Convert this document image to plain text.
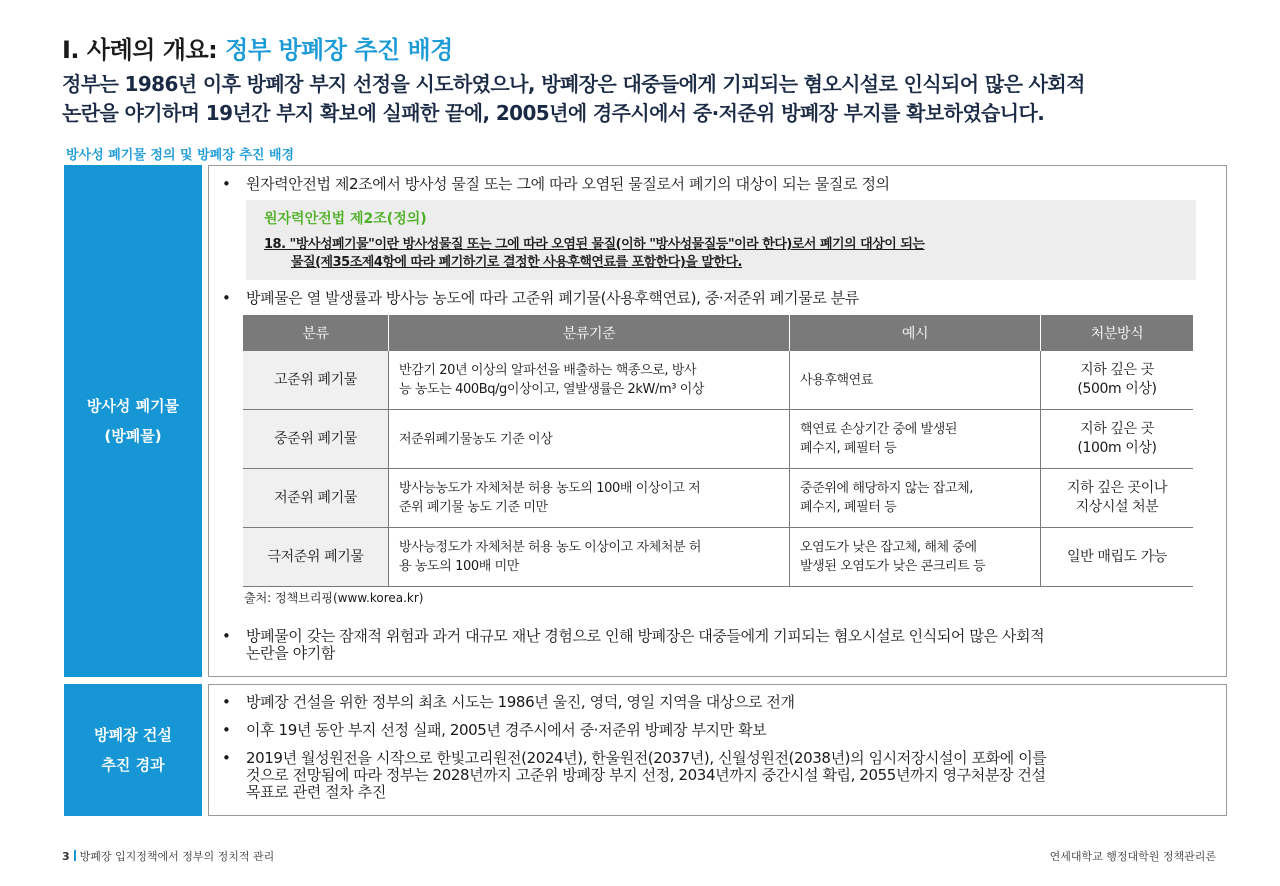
I. 사례의 개요: 정부 방폐장 추진 배경
정부는 1986년 이후 방폐장 부지 선정을 시도하였으나, 방폐장은 대중들에게 기피되는 혐오시설로 인식되어 많은 사회적
논란을 야기하며 19년간 부지 확보에 실패한 끝에, 2005년에 경주시에서 중·저준위 방폐장 부지를 확보하였습니다.
방사성 폐기물 정의 및 방폐장 추진 배경
방사성 폐기물
(방폐물)
• 원자력안전법 제2조에서 방사성 물질 또는 그에 따라 오염된 물질로서 폐기의 대상이 되는 물질로 정의
원자력안전법 제2조(정의)
18. "방사성폐기물"이란 방사성물질 또는 그에 따라 오염된 물질(이하 "방사성물질등"이라 한다)로서 폐기의 대상이 되는
물질(제35조제4항에 따라 폐기하기로 결정한 사용후핵연료를 포함한다)을 말한다.
• 방폐물은 열 발생률과 방사능 농도에 따라 고준위 폐기물(사용후핵연료), 중·저준위 폐기물로 분류
분류	분류기준	예시	처분방식
고준위 폐기물	반감기 20년 이상의 알파선을 배출하는 핵종으로, 방사
능 농도는 400Bq/g이상이고, 열발생률은 2kW/m³ 이상	사용후핵연료	지하 깊은 곳
(500m 이상)

중준위 폐기물	저준위폐기물농도 기준 이상	핵연료 손상기간 중에 발생된
폐수지, 폐필터 등	지하 깊은 곳
(100m 이상)

저준위 폐기물	방사능농도가 자체처분 허용 농도의 100배 이상이고 저
준위 폐기물 농도 기준 미만	중준위에 해당하지 않는 잡고체,
폐수지, 폐필터 등	지하 깊은 곳이나
지상시설 처분

극저준위 폐기물	방사능정도가 자체처분 허용 농도 이상이고 자체처분 허
용 농도의 100배 미만	오염도가 낮은 잡고체, 해체 중에
발생된 오염도가 낮은 콘크리트 등	일반 매립도 가능
출처: 정책브리핑(www.korea.kr)
• 방폐물이 갖는 잠재적 위험과 과거 대규모 재난 경험으로 인해 방폐장은 대중들에게 기피되는 혐오시설로 인식되어 많은 사회적
논란을 야기함
방폐장 건설
추진 경과
• 방폐장 건설을 위한 정부의 최초 시도는 1986년 울진, 영덕, 영일 지역을 대상으로 전개
• 이후 19년 동안 부지 선정 실패, 2005년 경주시에서 중·저준위 방폐장 부지만 확보
• 2019년 월성원전을 시작으로 한빛고리원전(2024년), 한울원전(2037년), 신월성원전(2038년)의 임시저장시설이 포화에 이를
것으로 전망됨에 따라 정부는 2028년까지 고준위 방폐장 부지 선정, 2034년까지 중간시설 확립, 2055년까지 영구처분장 건설
목표로 관련 절차 추진
3 방폐장 입지정책에서 정부의 정치적 관리	연세대학교 행정대학원 정책관리론
